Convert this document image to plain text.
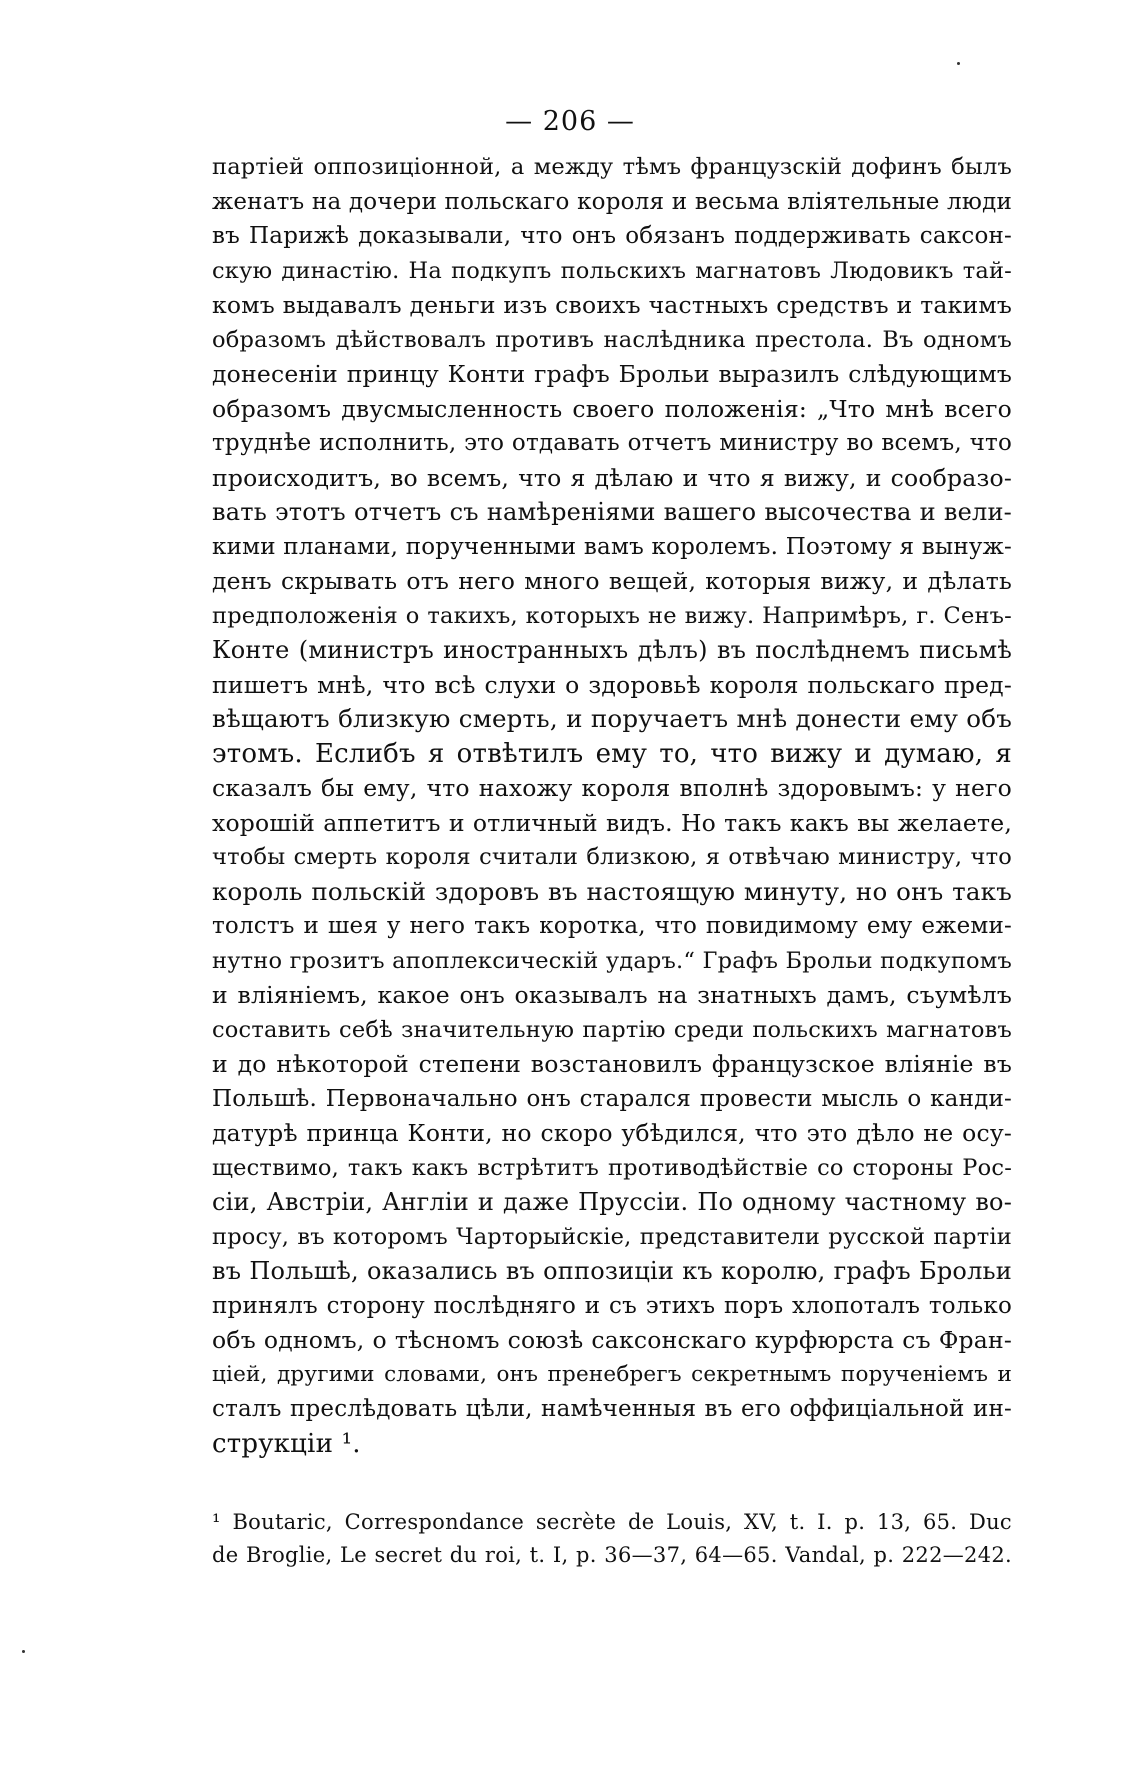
— 206 —
партіей оппозиціонной, а между тѣмъ французскій дофинъ былъ
женатъ на дочери польскаго короля и весьма вліятельные люди
въ Парижѣ доказывали, что онъ обязанъ поддерживать саксон-
скую династію. На подкупъ польскихъ магнатовъ Людовикъ тай-
комъ выдавалъ деньги изъ своихъ частныхъ средствъ и такимъ
образомъ дѣйствовалъ противъ наслѣдника престола. Въ одномъ
донесеніи принцу Конти графъ Брольи выразилъ слѣдующимъ
образомъ двусмысленность своего положенія: „Что мнѣ всего
труднѣе исполнить, это отдавать отчетъ министру во всемъ, что
происходитъ, во всемъ, что я дѣлаю и что я вижу, и сообразо-
вать этотъ отчетъ съ намѣреніями вашего высочества и вели-
кими планами, порученными вамъ королемъ. Поэтому я вынуж-
денъ скрывать отъ него много вещей, которыя вижу, и дѣлать
предположенія о такихъ, которыхъ не вижу. Напримѣръ, г. Сенъ-
Конте (министръ иностранныхъ дѣлъ) въ послѣднемъ письмѣ
пишетъ мнѣ, что всѣ слухи о здоровьѣ короля польскаго пред-
вѣщаютъ близкую смерть, и поручаетъ мнѣ донести ему объ
этомъ. Еслибъ я отвѣтилъ ему то, что вижу и думаю, я
сказалъ бы ему, что нахожу короля вполнѣ здоровымъ: у него
хорошій аппетитъ и отличный видъ. Но такъ какъ вы желаете,
чтобы смерть короля считали близкою, я отвѣчаю министру, что
король польскій здоровъ въ настоящую минуту, но онъ такъ
толстъ и шея у него такъ коротка, что повидимому ему ежеми-
нутно грозитъ апоплексическій ударъ.“ Графъ Брольи подкупомъ
и вліяніемъ, какое онъ оказывалъ на знатныхъ дамъ, съумѣлъ
составить себѣ значительную партію среди польскихъ магнатовъ
и до нѣкоторой степени возстановилъ французское вліяніе въ
Польшѣ. Первоначально онъ старался провести мысль о канди-
датурѣ принца Конти, но скоро убѣдился, что это дѣло не осу-
ществимо, такъ какъ встрѣтитъ противодѣйствіе со стороны Рос-
сіи, Австріи, Англіи и даже Пруссіи. По одному частному во-
просу, въ которомъ Чарторыйскіе, представители русской партіи
въ Польшѣ, оказались въ оппозиціи къ королю, графъ Брольи
принялъ сторону послѣдняго и съ этихъ поръ хлопоталъ только
объ одномъ, о тѣсномъ союзѣ саксонскаго курфюрста съ Фран-
ціей, другими словами, онъ пренебрегъ секретнымъ порученіемъ и
сталъ преслѣдовать цѣли, намѣченныя въ его оффиціальной ин-
струкціи ¹.
¹ Boutaric, Correspondance secrète de Louis, XV, t. I. p. 13, 65. Duc
de Broglie, Le secret du roi, t. I, p. 36—37, 64—65. Vandal, p. 222—242.
